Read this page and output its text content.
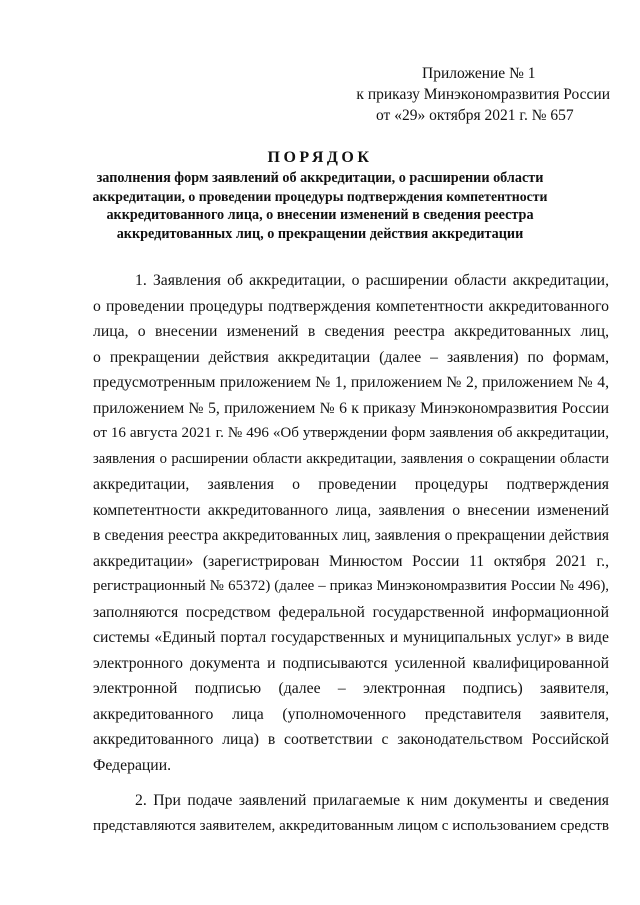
Приложение № 1
к приказу Минэкономразвития России
от «29» октября 2021 г. № 657
ПОРЯДОК
заполнения форм заявлений об аккредитации, о расширении области
аккредитации, о проведении процедуры подтверждения компетентности
аккредитованного лица, о внесении изменений в сведения реестра
аккредитованных лиц, о прекращении действия аккредитации
1. Заявления об аккредитации, о расширении области аккредитации,
о проведении процедуры подтверждения компетентности аккредитованного
лица, о внесении изменений в сведения реестра аккредитованных лиц,
о прекращении действия аккредитации (далее – заявления) по формам,
предусмотренным приложением № 1, приложением № 2, приложением № 4,
приложением № 5, приложением № 6 к приказу Минэкономразвития России
от 16 августа 2021 г. № 496 «Об утверждении форм заявления об аккредитации,
заявления о расширении области аккредитации, заявления о сокращении области
аккредитации, заявления о проведении процедуры подтверждения
компетентности аккредитованного лица, заявления о внесении изменений
в сведения реестра аккредитованных лиц, заявления о прекращении действия
аккредитации» (зарегистрирован Минюстом России 11 октября 2021 г.,
регистрационный № 65372) (далее – приказ Минэкономразвития России № 496),
заполняются посредством федеральной государственной информационной
системы «Единый портал государственных и муниципальных услуг» в виде
электронного документа и подписываются усиленной квалифицированной
электронной подписью (далее – электронная подпись) заявителя,
аккредитованного лица (уполномоченного представителя заявителя,
аккредитованного лица) в соответствии с законодательством Российской
Федерации.
2. При подаче заявлений прилагаемые к ним документы и сведения
представляются заявителем, аккредитованным лицом с использованием средств
